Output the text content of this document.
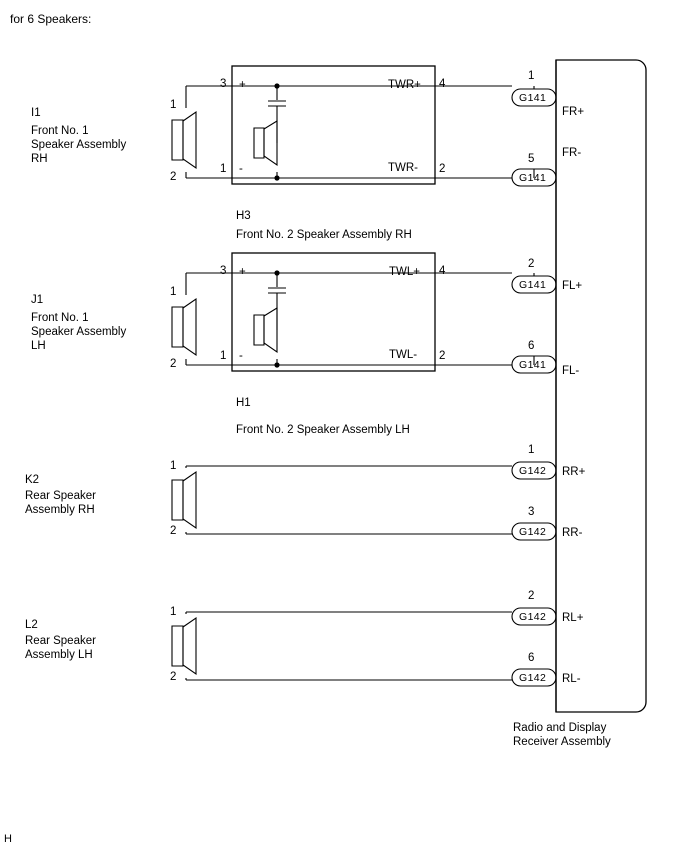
for 6 Speakers:
I1
Front No. 1
Speaker Assembly
RH
1
2
3
1
+
-
TWR+
TWR-
4
2
H3
Front No. 2 Speaker Assembly RH
1
5
G141
G141
FR+
FR-
J1
Front No. 1
Speaker Assembly
LH
1
2
3
1
+
-
TWL+
TWL-
4
2
H1
Front No. 2 Speaker Assembly LH
2
6
G141
G141
FL+
FL-
K2
Rear Speaker
Assembly RH
1
2
1
3
G142
G142
RR+
RR-
L2
Rear Speaker
Assembly LH
1
2
2
6
G142
G142
RL+
RL-
Radio and Display
Receiver Assembly
H
